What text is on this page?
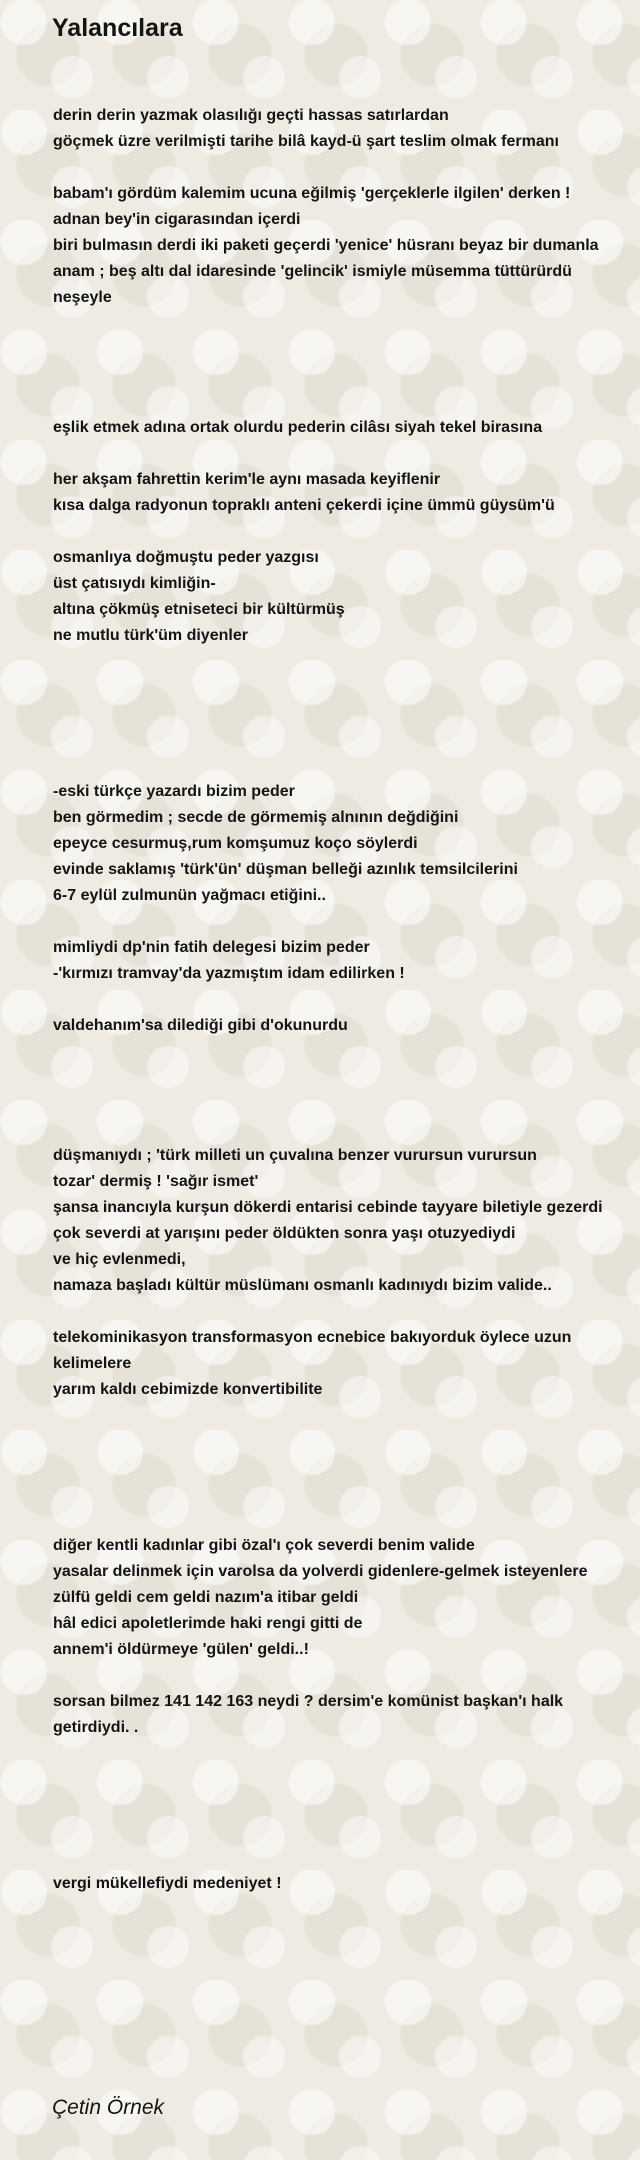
Yalancılara
derin derin yazmak olasılığı geçti hassas satırlardan
göçmek üzre verilmişti tarihe bilâ kayd-ü şart teslim olmak fermanı
babam'ı gördüm kalemim ucuna eğilmiş 'gerçeklerle ilgilen' derken !
adnan bey'in cigarasından içerdi
biri bulmasın derdi iki paketi geçerdi 'yenice' hüsranı beyaz bir dumanla
anam ; beş altı dal idaresinde 'gelincik' ismiyle müsemma tüttürürdü
neşeyle
eşlik etmek adına ortak olurdu pederin cilâsı siyah tekel birasına
her akşam fahrettin kerim'le aynı masada keyiflenir
kısa dalga radyonun topraklı anteni çekerdi içine ümmü güysüm'ü
osmanlıya doğmuştu peder yazgısı
üst çatısıydı kimliğin-
altına çökmüş etniseteci bir kültürmüş
ne mutlu türk'üm diyenler
-eski türkçe yazardı bizim peder
ben görmedim ; secde de görmemiş alnının değdiğini
epeyce cesurmuş,rum komşumuz koço söylerdi
evinde saklamış 'türk'ün' düşman belleği azınlık temsilcilerini
6-7 eylül zulmunün yağmacı etiğini..
mimliydi dp'nin fatih delegesi bizim peder
-'kırmızı tramvay'da yazmıştım idam edilirken !
valdehanım'sa dilediği gibi d'okunurdu
düşmanıydı ; 'türk milleti un çuvalına benzer vurursun vurursun
tozar' dermiş ! 'sağır ismet'
şansa inancıyla kurşun dökerdi entarisi cebinde tayyare biletiyle gezerdi
çok severdi at yarışını peder öldükten sonra yaşı otuzyediydi
ve hiç evlenmedi,
namaza başladı kültür müslümanı osmanlı kadınıydı bizim valide..
telekominikasyon transformasyon ecnebice bakıyorduk öylece uzun
kelimelere
yarım kaldı cebimizde konvertibilite
diğer kentli kadınlar gibi özal'ı çok severdi benim valide
yasalar delinmek için varolsa da yolverdi gidenlere-gelmek isteyenlere
zülfü geldi cem geldi nazım'a itibar geldi
hâl edici apoletlerimde haki rengi gitti de
annem'i öldürmeye 'gülen' geldi..!
sorsan bilmez 141 142 163 neydi ? dersim'e komünist başkan'ı halk
getirdiydi. .
vergi mükellefiydi medeniyet !
Çetin Örnek
